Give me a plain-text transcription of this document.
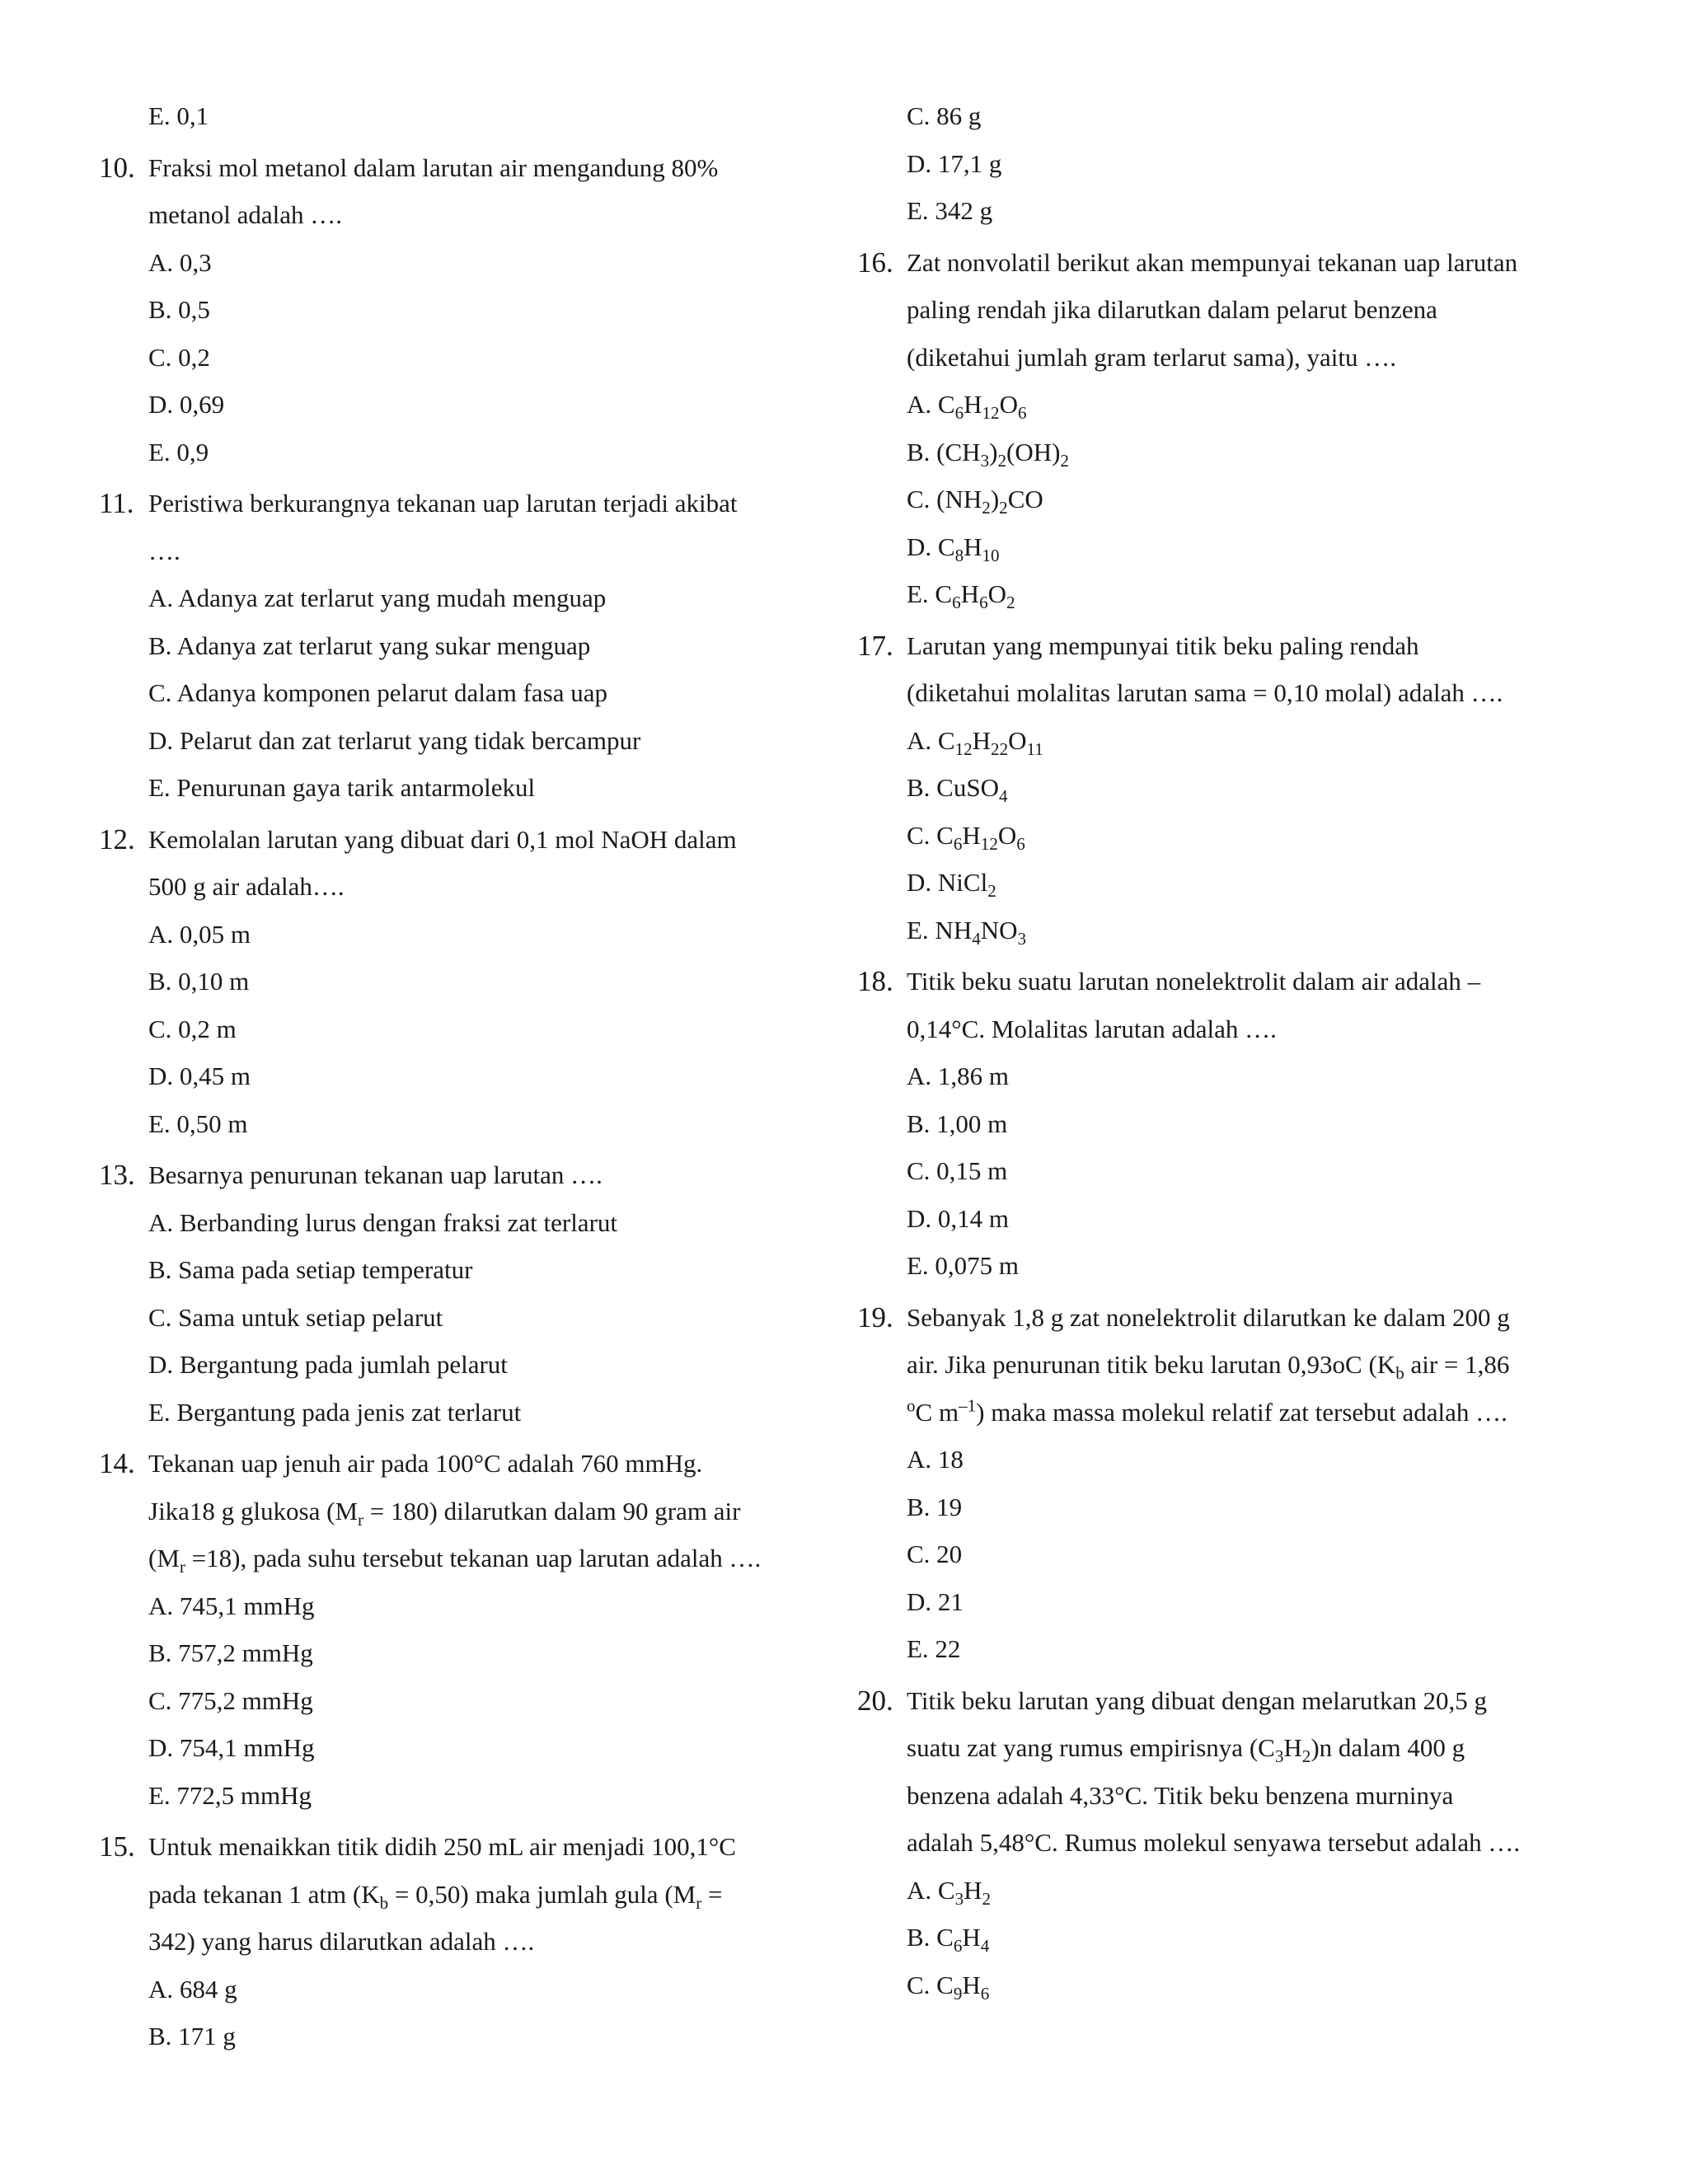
E. 0,1
10. Fraksi mol metanol dalam larutan air mengandung 80%
metanol adalah ….
A. 0,3
B. 0,5
C. 0,2
D. 0,69
E. 0,9
11. Peristiwa berkurangnya tekanan uap larutan terjadi akibat
….
A. Adanya zat terlarut yang mudah menguap
B. Adanya zat terlarut yang sukar menguap
C. Adanya komponen pelarut dalam fasa uap
D. Pelarut dan zat terlarut yang tidak bercampur
E. Penurunan gaya tarik antarmolekul
12. Kemolalan larutan yang dibuat dari 0,1 mol NaOH dalam
500 g air adalah….
A. 0,05 m
B. 0,10 m
C. 0,2 m
D. 0,45 m
E. 0,50 m
13. Besarnya penurunan tekanan uap larutan ….
A. Berbanding lurus dengan fraksi zat terlarut
B. Sama pada setiap temperatur
C. Sama untuk setiap pelarut
D. Bergantung pada jumlah pelarut
E. Bergantung pada jenis zat terlarut
14. Tekanan uap jenuh air pada 100°C adalah 760 mmHg.
Jika18 g glukosa $(M_r = 180)$ dilarutkan dalam 90 gram air
$(M_r =18)$, pada suhu tersebut tekanan uap larutan adalah ….
A. 745,1 mmHg
B. 757,2 mmHg
C. 775,2 mmHg
D. 754,1 mmHg
E. 772,5 mmHg
15. Untuk menaikkan titik didih 250 mL air menjadi 100,1°C
pada tekanan 1 atm $(K_b = 0,50)$ maka jumlah gula ($M_r$ =
342) yang harus dilarutkan adalah ….
A. 684 g
B. 171 g
C. 86 g
D. 17,1 g
E. 342 g
16. Zat nonvolatil berikut akan mempunyai tekanan uap larutan
paling rendah jika dilarutkan dalam pelarut benzena
(diketahui jumlah gram terlarut sama), yaitu ….
A. $C_6H_{12}O_6$
B. $(CH_3)_2(OH)_2$
C. $(NH_2)_2CO$
D. $C_8H_{10}$
E. $C_6H_6O_2$
17. Larutan yang mempunyai titik beku paling rendah
(diketahui molalitas larutan sama = 0,10 molal) adalah ….
A. $C_{12}H_{22}O_{11}$
B. CuSO$_4$
C. $C_6H_{12}O_6$
D. NiCl$_2$
E. $NH_4NO_3$
18. Titik beku suatu larutan nonelektrolit dalam air adalah –
0,14°C. Molalitas larutan adalah ….
A. 1,86 m
B. 1,00 m
C. 0,15 m
D. 0,14 m
E. 0,075 m
19. Sebanyak 1,8 g zat nonelektrolit dilarutkan ke dalam 200 g
air. Jika penurunan titik beku larutan 0,93oC ($K_b$ air = 1,86
$^o$C $m^{-1}$) maka massa molekul relatif zat tersebut adalah ….
A. 18
B. 19
C. 20
D. 21
E. 22
20. Titik beku larutan yang dibuat dengan melarutkan 20,5 g
suatu zat yang rumus empirisnya $(C_3H_2)n$ dalam 400 g
benzena adalah 4,33°C. Titik beku benzena murninya
adalah 5,48°C. Rumus molekul senyawa tersebut adalah ….
A. $C_3H_2$
B. $C_6H_4$
C. $C_9H_6$
